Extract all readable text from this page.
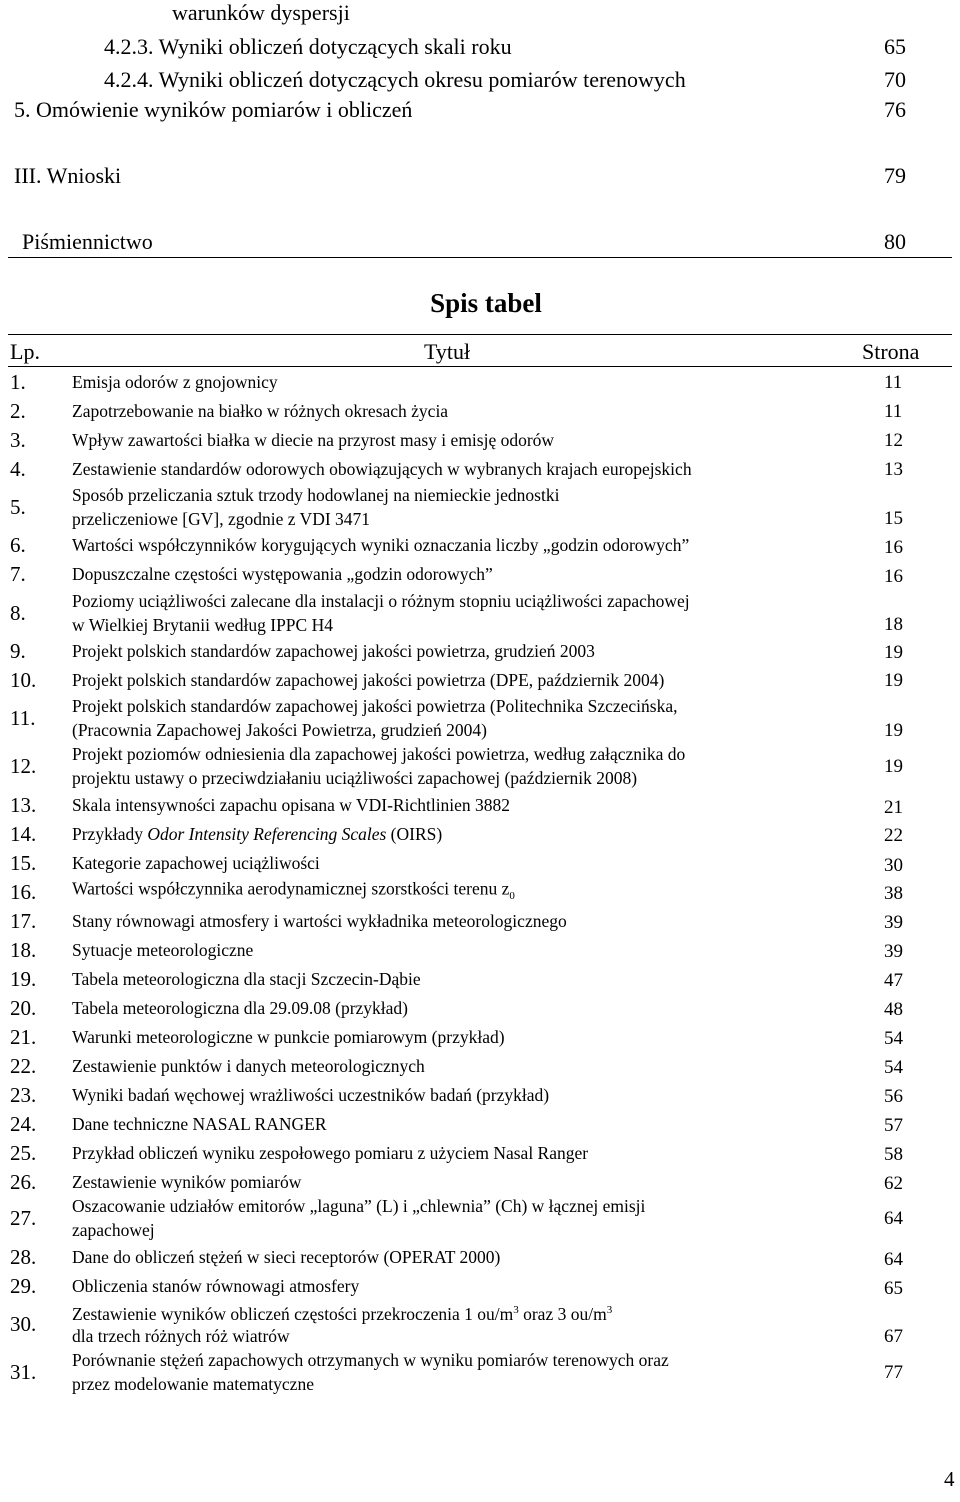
warunków dyspersji
4.2.3. Wyniki obliczeń dotyczących skali roku	65
4.2.4. Wyniki obliczeń dotyczących okresu pomiarów terenowych	70
5. Omówienie wyników pomiarów i obliczeń	76
III. Wnioski	79
Piśmiennictwo	80
Spis tabel
Lp.	Tytuł	Strona
1.	Emisja odorów z gnojownicy	11
2.	Zapotrzebowanie na białko w różnych okresach życia	11
3.	Wpływ zawartości białka w diecie na przyrost masy i emisję odorów	12
4.	Zestawienie standardów odorowych obowiązujących w wybranych krajach europejskich	13
5.	Sposób przeliczania sztuk trzody hodowlanej na niemieckie jednostki
przeliczeniowe [GV], zgodnie z VDI 3471	15
6.	Wartości współczynników korygujących wyniki oznaczania liczby „godzin odorowych”	16
7.	Dopuszczalne częstości występowania „godzin odorowych”	16
8.	Poziomy uciążliwości zalecane dla instalacji o różnym stopniu uciążliwości zapachowej
w Wielkiej Brytanii według IPPC H4	18
9.	Projekt polskich standardów zapachowej jakości powietrza, grudzień 2003	19
10. Projekt polskich standardów zapachowej jakości powietrza (DPE, październik 2004)	19
11. Projekt polskich standardów zapachowej jakości powietrza (Politechnika Szczecińska,
(Pracownia Zapachowej Jakości Powietrza, grudzień 2004)	19
12. Projekt poziomów odniesienia dla zapachowej jakości powietrza, według załącznika do
projektu ustawy o przeciwdziałaniu uciążliwości zapachowej (październik 2008)
19
13. Skala intensywności zapachu opisana w VDI-Richtlinien 3882	21
14. Przykłady Odor Intensity Referencing Scales (OIRS)	22
15. Kategorie zapachowej uciążliwości	30
16. Wartości współczynnika aerodynamicznej szorstkości terenu $z_0$	38
17. Stany równowagi atmosfery i wartości wykładnika meteorologicznego	39
18. Sytuacje meteorologiczne	39
19. Tabela meteorologiczna dla stacji Szczecin-Dąbie	47
20. Tabela meteorologiczna dla 29.09.08 (przykład)	48
21. Warunki meteorologiczne w punkcie pomiarowym (przykład)	54
22. Zestawienie punktów i danych meteorologicznych	54
23. Wyniki badań węchowej wrażliwości uczestników badań (przykład)	56
24. Dane techniczne NASAL RANGER	57
25. Przykład obliczeń wyniku zespołowego pomiaru z użyciem Nasal Ranger	58
26. Zestawienie wyników pomiarów	62
27. Oszacowanie udziałów emitorów „laguna” (L) i „chlewnia” (Ch) w łącznej emisji
zapachowej
64
28. Dane do obliczeń stężeń w sieci receptorów (OPERAT 2000)	64
29. Obliczenia stanów równowagi atmosfery	65
30. Zestawienie wyników obliczeń częstości przekroczenia 1 $ou/m^3$ oraz 3 $ou/m^3$
dla trzech różnych róż wiatrów	67
31. Porównanie stężeń zapachowych otrzymanych w wyniku pomiarów terenowych oraz
przez modelowanie matematyczne
77
4
